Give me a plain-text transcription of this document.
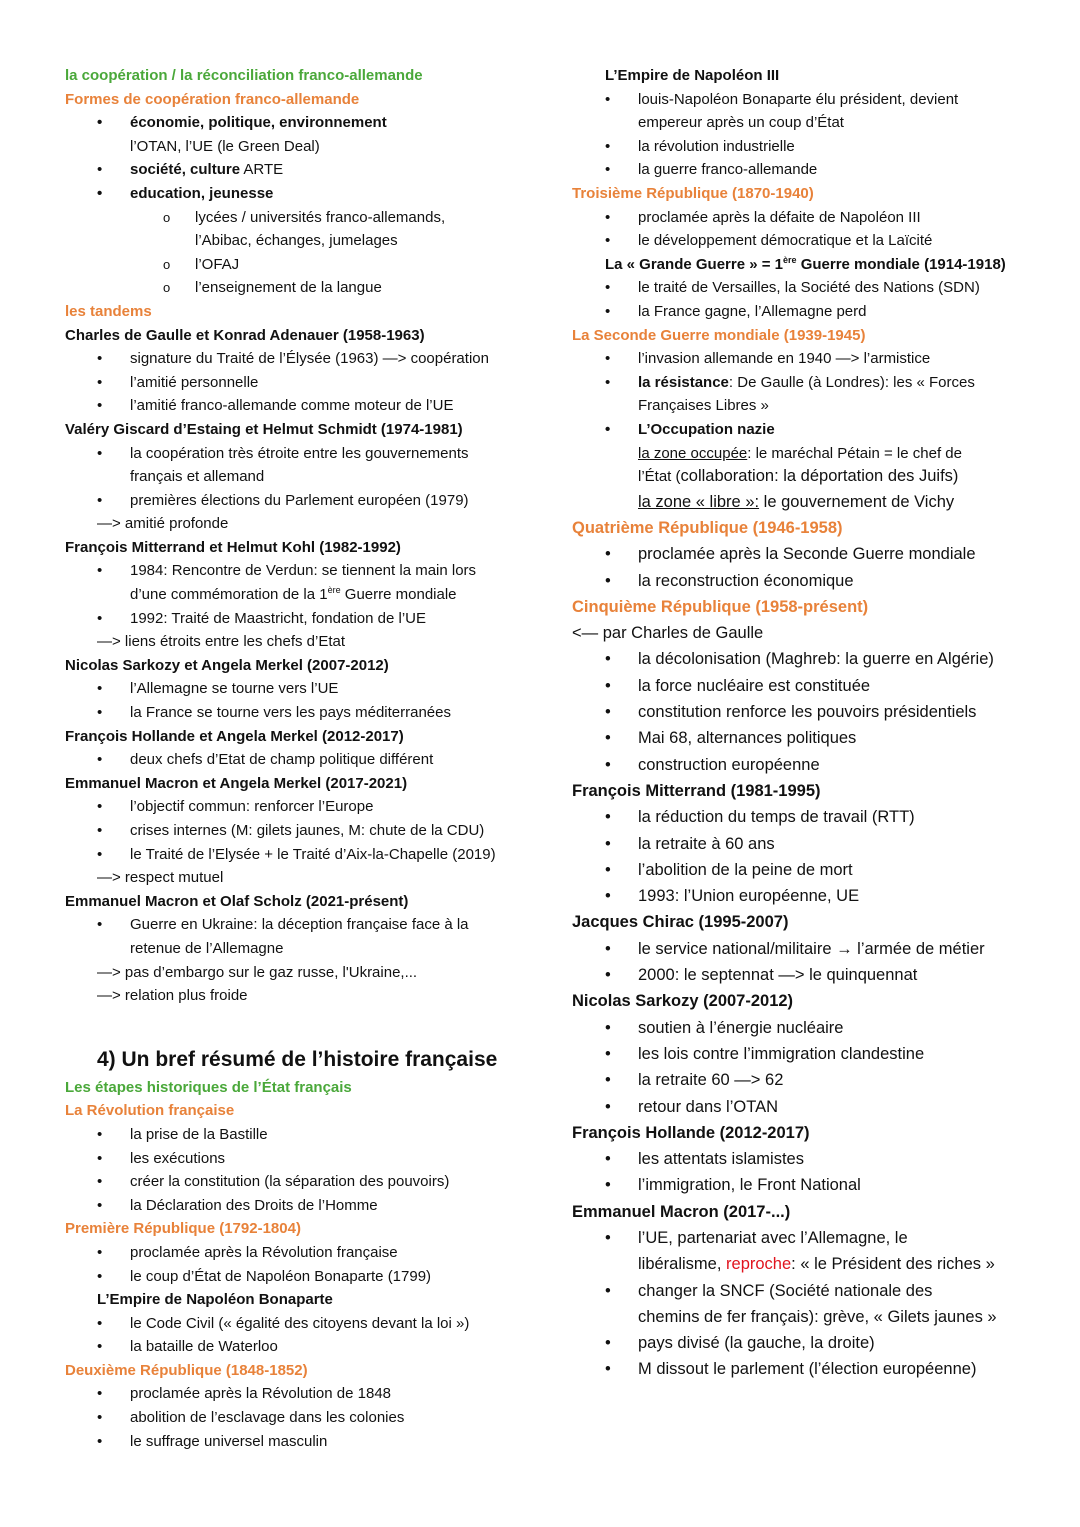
la coopération / la réconciliation franco-allemande
Formes de coopération franco-allemande
• économie, politique, environnement
l’OTAN, l’UE (le Green Deal)
• société, culture ARTE
• education, jeunesse
o lycées / universités franco-allemands,
l’Abibac, échanges, jumelages
o l’OFAJ
o l’enseignement de la langue
les tandems
Charles de Gaulle et Konrad Adenauer (1958-1963)
• signature du Traité de l’Élysée (1963) —> coopération
• l’amitié personnelle
• l’amitié franco-allemande comme moteur de l’UE
Valéry Giscard d’Estaing et Helmut Schmidt (1974-1981)
• la coopération très étroite entre les gouvernements
français et allemand
• premières élections du Parlement européen (1979)
—> amitié profonde
François Mitterrand et Helmut Kohl (1982-1992)
• 1984: Rencontre de Verdun: se tiennent la main lors
d’une commémoration de la 1ère Guerre mondiale
• 1992: Traité de Maastricht, fondation de l’UE
—> liens étroits entre les chefs d’Etat
Nicolas Sarkozy et Angela Merkel (2007-2012)
• l’Allemagne se tourne vers l’UE
• la France se tourne vers les pays méditerranées
François Hollande et Angela Merkel (2012-2017)
• deux chefs d’Etat de champ politique différent
Emmanuel Macron et Angela Merkel (2017-2021)
• l’objectif commun: renforcer l’Europe
• crises internes (M: gilets jaunes, M: chute de la CDU)
• le Traité de l’Elysée + le Traité d’Aix-la-Chapelle (2019)
—> respect mutuel
Emmanuel Macron et Olaf Scholz (2021-présent)
• Guerre en Ukraine: la déception française face à la
retenue de l’Allemagne
—> pas d’embargo sur le gaz russe, l'Ukraine,...
—> relation plus froide
4) Un bref résumé de l’histoire française
Les étapes historiques de l’État français
La Révolution française
• la prise de la Bastille
• les exécutions
• créer la constitution (la séparation des pouvoirs)
• la Déclaration des Droits de l’Homme
Première République (1792-1804)
• proclamée après la Révolution française
• le coup d’État de Napoléon Bonaparte (1799)
L’Empire de Napoléon Bonaparte
• le Code Civil (« égalité des citoyens devant la loi »)
• la bataille de Waterloo
Deuxième République (1848-1852)
• proclamée après la Révolution de 1848
• abolition de l’esclavage dans les colonies
• le suffrage universel masculin
L’Empire de Napoléon III
• louis-Napoléon Bonaparte élu président, devient
empereur après un coup d’État
• la révolution industrielle
• la guerre franco-allemande
Troisième République (1870-1940)
• proclamée après la défaite de Napoléon III
• le développement démocratique et la Laïcité
La « Grande Guerre » = 1ère Guerre mondiale (1914-1918)
• le traité de Versailles, la Société des Nations (SDN)
• la France gagne, l’Allemagne perd
La Seconde Guerre mondiale (1939-1945)
• l’invasion allemande en 1940 —> l’armistice
• la résistance: De Gaulle (à Londres): les « Forces
Françaises Libres »
• L’Occupation nazie
la zone occupée: le maréchal Pétain = le chef de
l’État (collaboration: la déportation des Juifs)
la zone « libre »: le gouvernement de Vichy
Quatrième République (1946-1958)
• proclamée après la Seconde Guerre mondiale
• la reconstruction économique
Cinquième République (1958-présent)
<— par Charles de Gaulle
• la décolonisation (Maghreb: la guerre en Algérie)
• la force nucléaire est constituée
• constitution renforce les pouvoirs présidentiels
• Mai 68, alternances politiques
• construction européenne
François Mitterrand (1981-1995)
• la réduction du temps de travail (RTT)
• la retraite à 60 ans
• l’abolition de la peine de mort
• 1993: l’Union européenne, UE
Jacques Chirac (1995-2007)
• le service national/militaire → l’armée de métier
• 2000: le septennat —> le quinquennat
Nicolas Sarkozy (2007-2012)
• soutien à l’énergie nucléaire
• les lois contre l’immigration clandestine
• la retraite 60 —> 62
• retour dans l’OTAN
François Hollande (2012-2017)
• les attentats islamistes
• l’immigration, le Front National
Emmanuel Macron (2017-...)
• l’UE, partenariat avec l’Allemagne, le
libéralisme, reproche: « le Président des riches »
• changer la SNCF (Société nationale des
chemins de fer français): grève, « Gilets jaunes »
• pays divisé (la gauche, la droite)
• M dissout le parlement (l’élection européenne)
